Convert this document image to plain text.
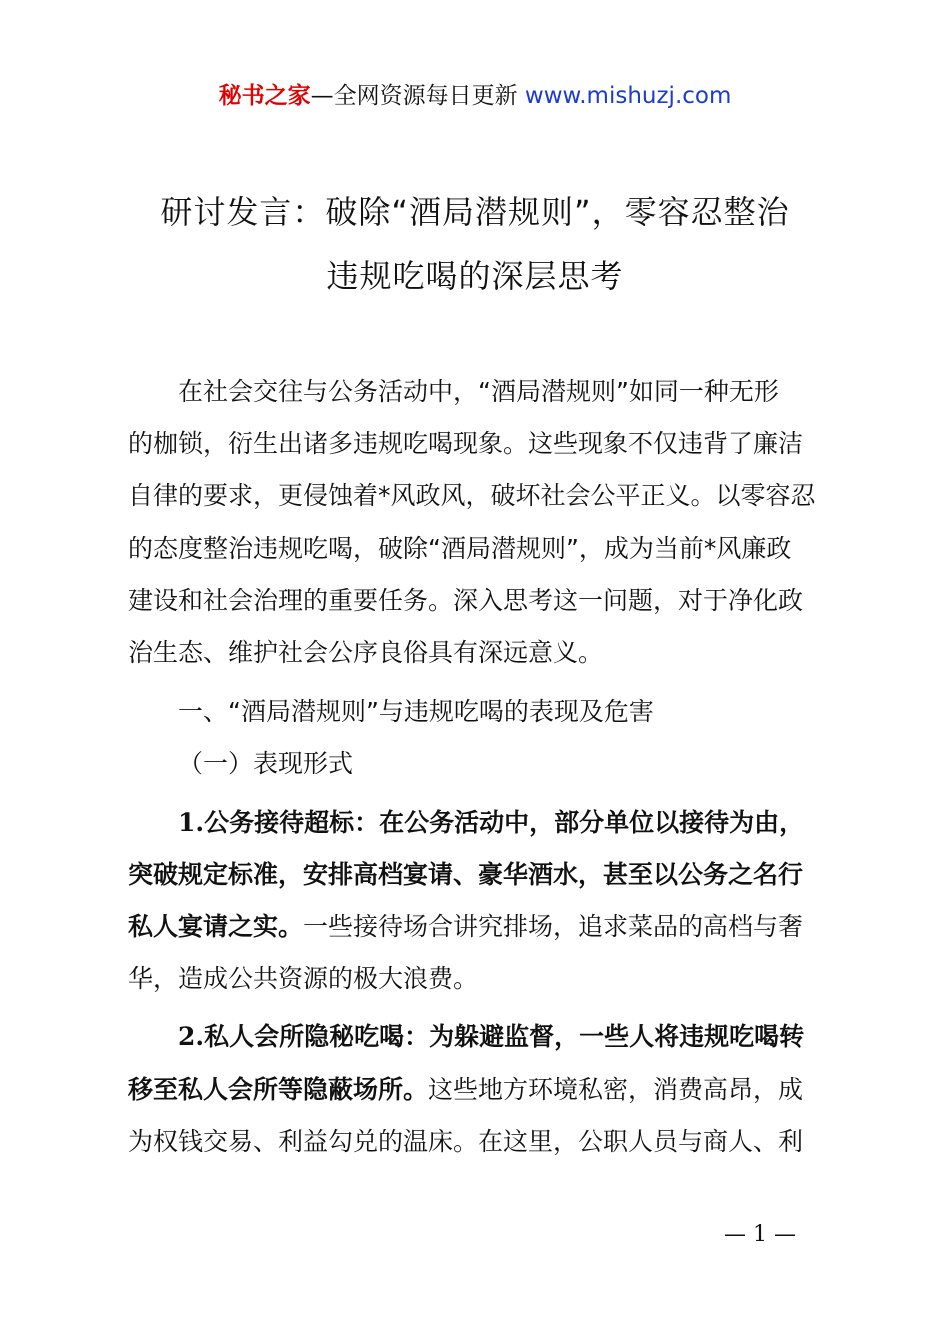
秘书之家—全网资源每日更新 www.mishuzj.com
研讨发言：破除“酒局潜规则”，零容忍整治
违规吃喝的深层思考

在社会交往与公务活动中，“酒局潜规则”如同一种无形
的枷锁，衍生出诸多违规吃喝现象。这些现象不仅违背了廉洁
自律的要求，更侵蚀着*风政风，破坏社会公平正义。以零容忍
的态度整治违规吃喝，破除“酒局潜规则”，成为当前*风廉政
建设和社会治理的重要任务。深入思考这一问题，对于净化政
治生态、维护社会公序良俗具有深远意义。

一、“酒局潜规则”与违规吃喝的表现及危害

（一）表现形式

1.公务接待超标：在公务活动中，部分单位以接待为由，
突破规定标准，安排高档宴请、豪华酒水，甚至以公务之名行
私人宴请之实。一些接待场合讲究排场，追求菜品的高档与奢
华，造成公共资源的极大浪费。
2.私人会所隐秘吃喝：为躲避监督，一些人将违规吃喝转
移至私人会所等隐蔽场所。这些地方环境私密，消费高昂，成
为权钱交易、利益勾兑的温床。在这里，公职人员与商人、利
— 1 —
